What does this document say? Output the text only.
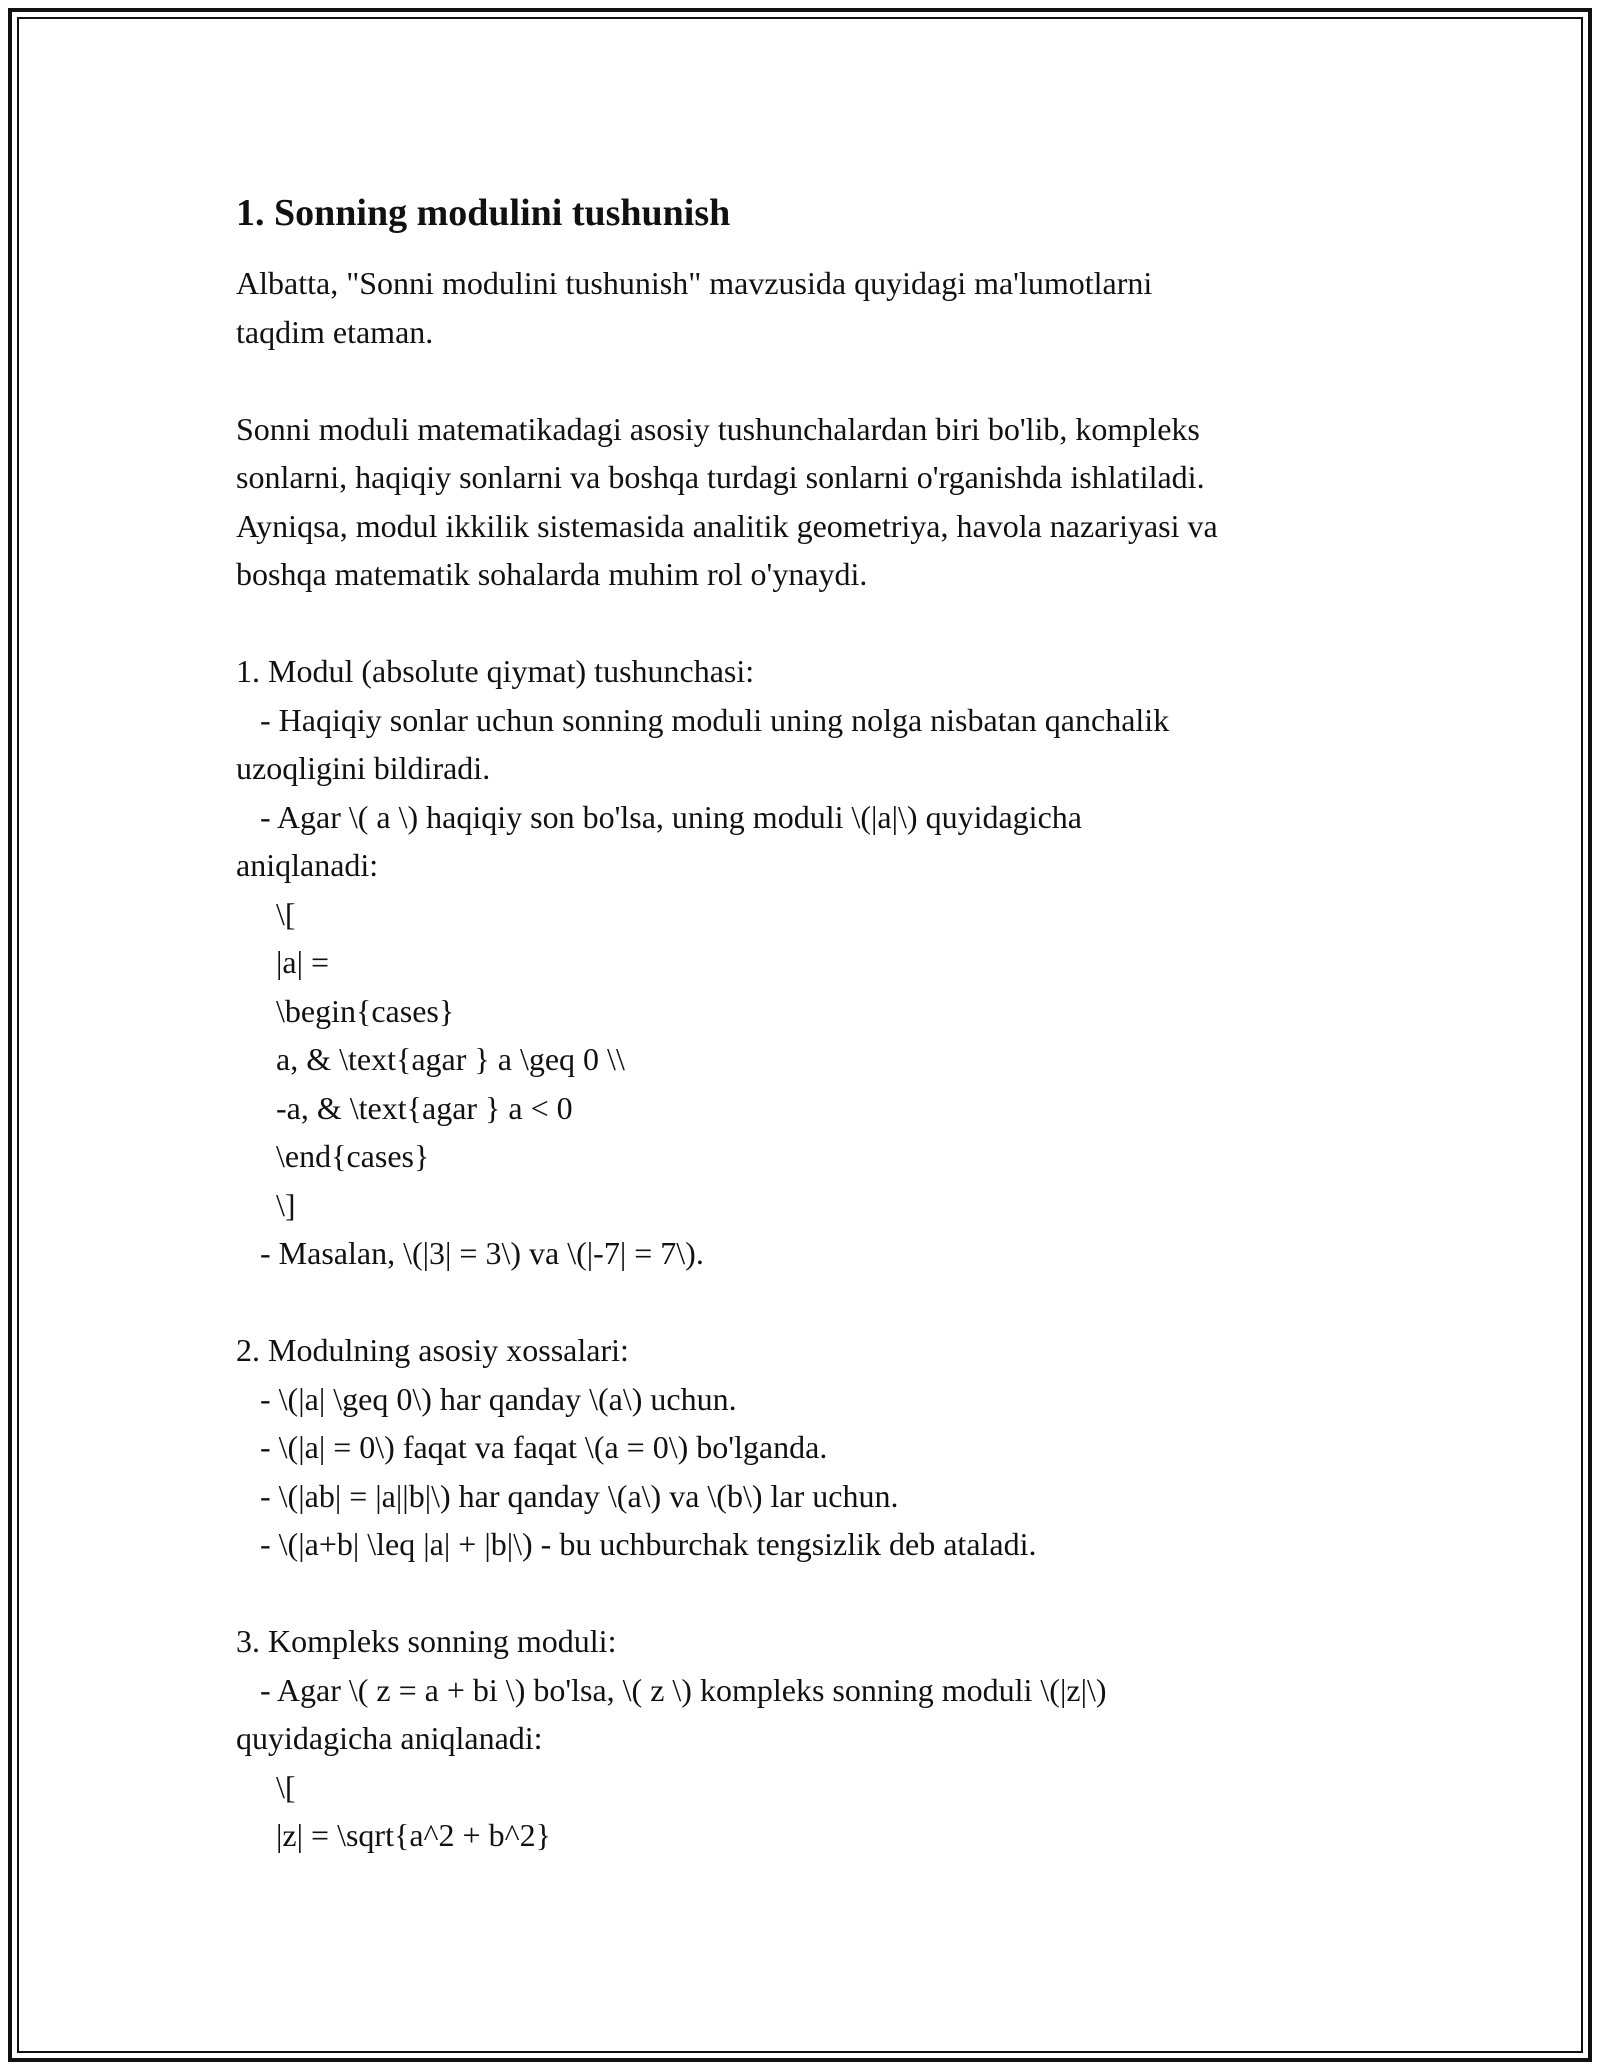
1. Sonning modulini tushunish
Albatta, "Sonni modulini tushunish" mavzusida quyidagi ma'lumotlarni
taqdim etaman.
Sonni moduli matematikadagi asosiy tushunchalardan biri bo'lib, kompleks
sonlarni, haqiqiy sonlarni va boshqa turdagi sonlarni o'rganishda ishlatiladi.
Ayniqsa, modul ikkilik sistemasida analitik geometriya, havola nazariyasi va
boshqa matematik sohalarda muhim rol o'ynaydi.
1. Modul (absolute qiymat) tushunchasi:
- Haqiqiy sonlar uchun sonning moduli uning nolga nisbatan qanchalik
uzoqligini bildiradi.
- Agar \( a \) haqiqiy son bo'lsa, uning moduli \(|a|\) quyidagicha
aniqlanadi:
\[
|a| =
\begin{cases}
a, & \text{agar } a \geq 0 \\
-a, & \text{agar } a < 0
\end{cases}
\]
- Masalan, \(|3| = 3\) va \(|-7| = 7\).
2. Modulning asosiy xossalari:
- \(|a| \geq 0\) har qanday \(a\) uchun.
- \(|a| = 0\) faqat va faqat \(a = 0\) bo'lganda.
- \(|ab| = |a||b|\) har qanday \(a\) va \(b\) lar uchun.
- \(|a+b| \leq |a| + |b|\) - bu uchburchak tengsizlik deb ataladi.
3. Kompleks sonning moduli:
- Agar \( z = a + bi \) bo'lsa, \( z \) kompleks sonning moduli \(|z|\)
quyidagicha aniqlanadi:
\[
|z| = \sqrt{a^2 + b^2}
